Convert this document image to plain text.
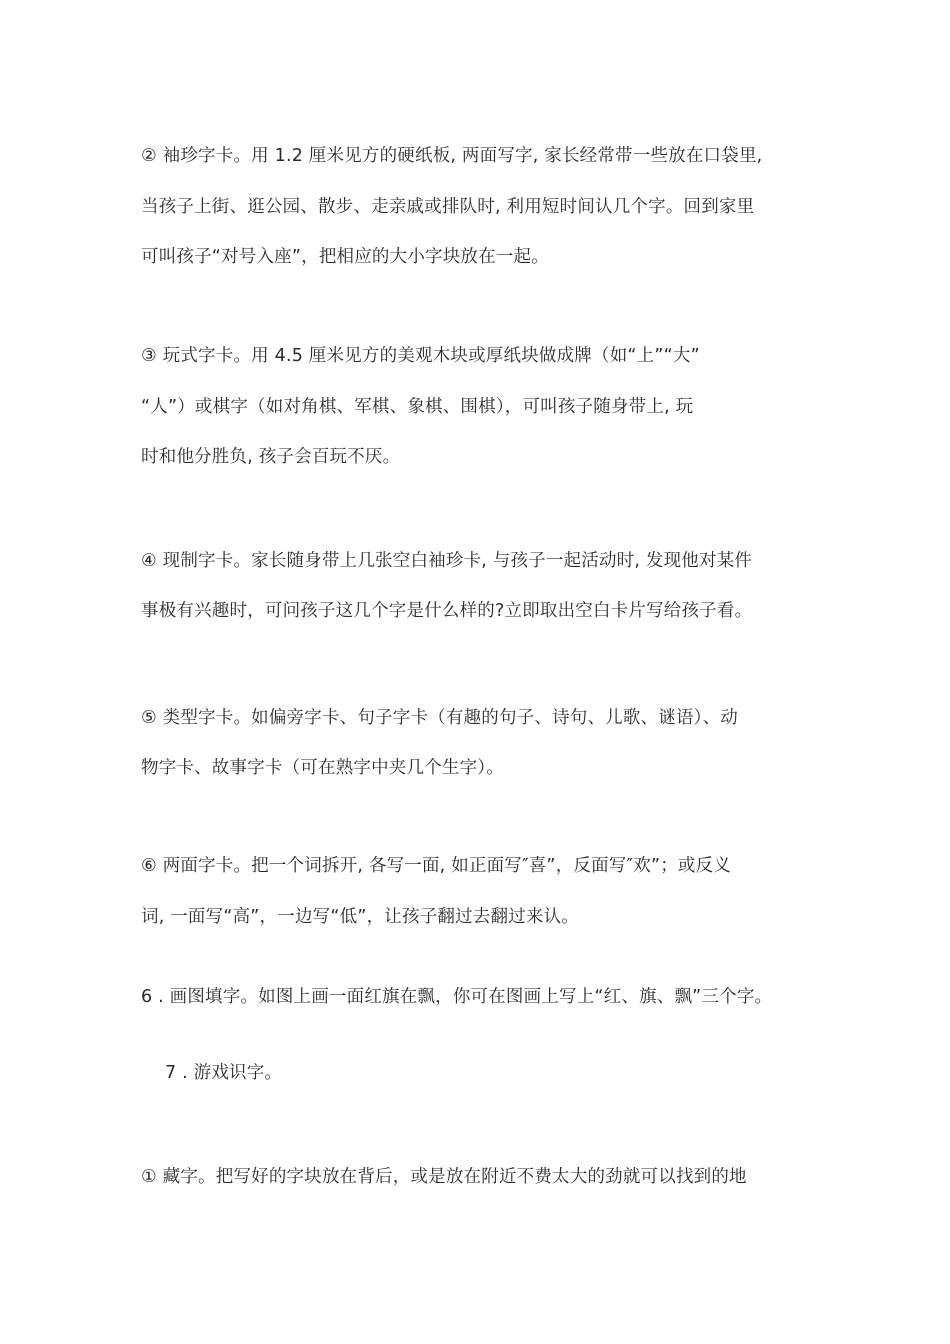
② 袖珍字卡。用 1.2 厘米见方的硬纸板, 两面写字, 家长经常带一些放在口袋里,
当孩子上街、逛公园、散步、走亲戚或排队时, 利用短时间认几个字。回到家里
可叫孩子“对号入座”，把相应的大小字块放在一起。
③ 玩式字卡。用 4.5 厘米见方的美观木块或厚纸块做成牌（如“上”“大”
“人”）或棋字（如对角棋、军棋、象棋、围棋），可叫孩子随身带上, 玩
时和他分胜负, 孩子会百玩不厌。
④ 现制字卡。家长随身带上几张空白袖珍卡, 与孩子一起活动时, 发现他对某件
事极有兴趣时，可问孩子这几个字是什么样的?立即取出空白卡片写给孩子看。
⑤ 类型字卡。如偏旁字卡、句子字卡（有趣的句子、诗句、儿歌、谜语）、动
物字卡、故事字卡（可在熟字中夹几个生字）。
⑥ 两面字卡。把一个词拆开, 各写一面, 如正面写″喜”，反面写″欢”；或反义
词, 一面写“高”，一边写“低”，让孩子翻过去翻过来认。
6 . 画图填字。如图上画一面红旗在飘，你可在图画上写上“红、旗、飘”三个字。
7 . 游戏识字。
① 藏字。把写好的字块放在背后，或是放在附近不费太大的劲就可以找到的地
